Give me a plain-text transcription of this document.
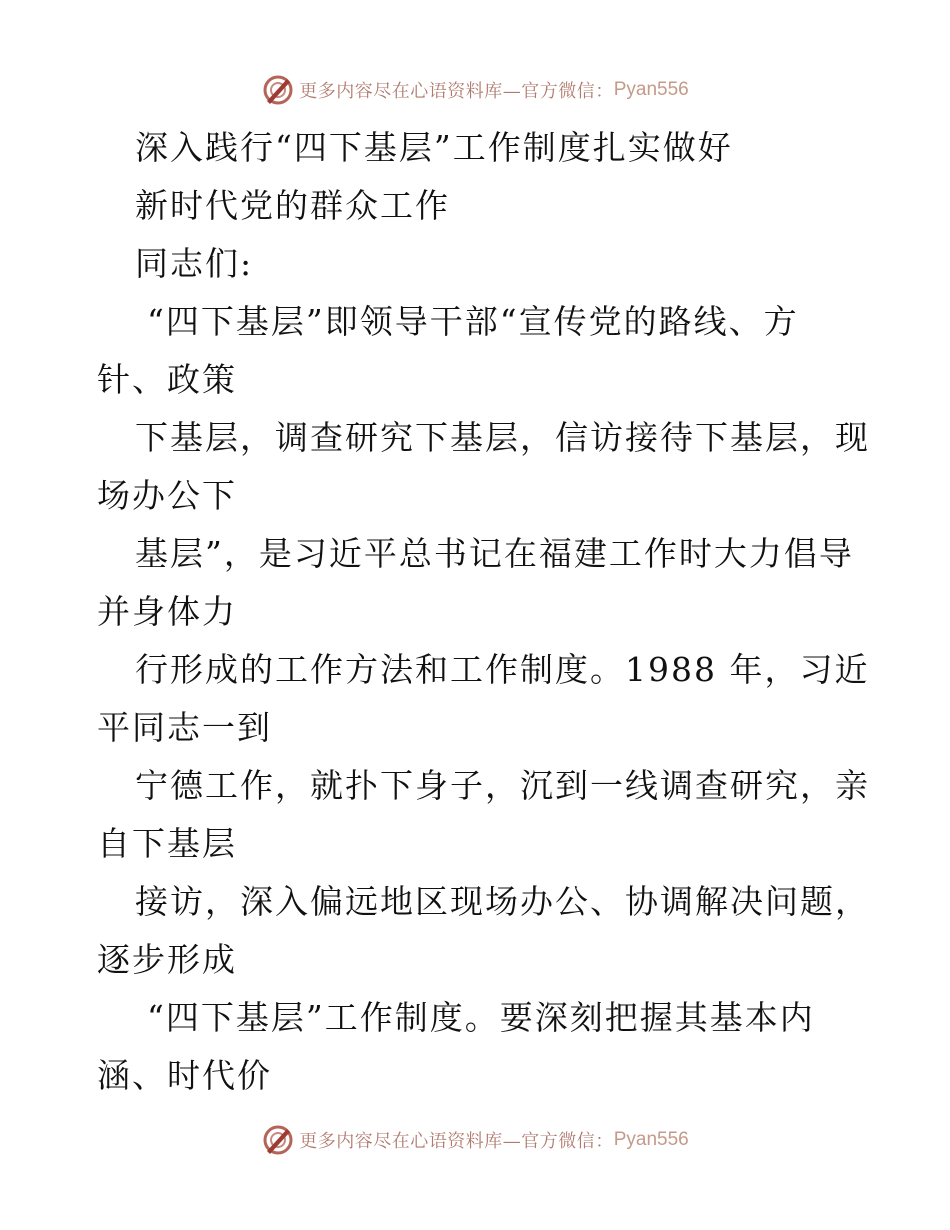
更多内容尽在心语资料库—官方微信： Pyan556
深入践行“四下基层”工作制度扎实做好
新时代党的群众工作
同志们:
“四下基层”即领导干部“宣传党的路线、方
针、政策
下基层，调查研究下基层，信访接待下基层，现
场办公下
基层”，是习近平总书记在福建工作时大力倡导
并身体力
行形成的工作方法和工作制度。1988 年，习近
平同志一到
宁德工作，就扑下身子，沉到一线调查研究，亲
自下基层
接访，深入偏远地区现场办公、协调解决问题，
逐步形成
“四下基层”工作制度。要深刻把握其基本内
涵、时代价
更多内容尽在心语资料库—官方微信： Pyan556
